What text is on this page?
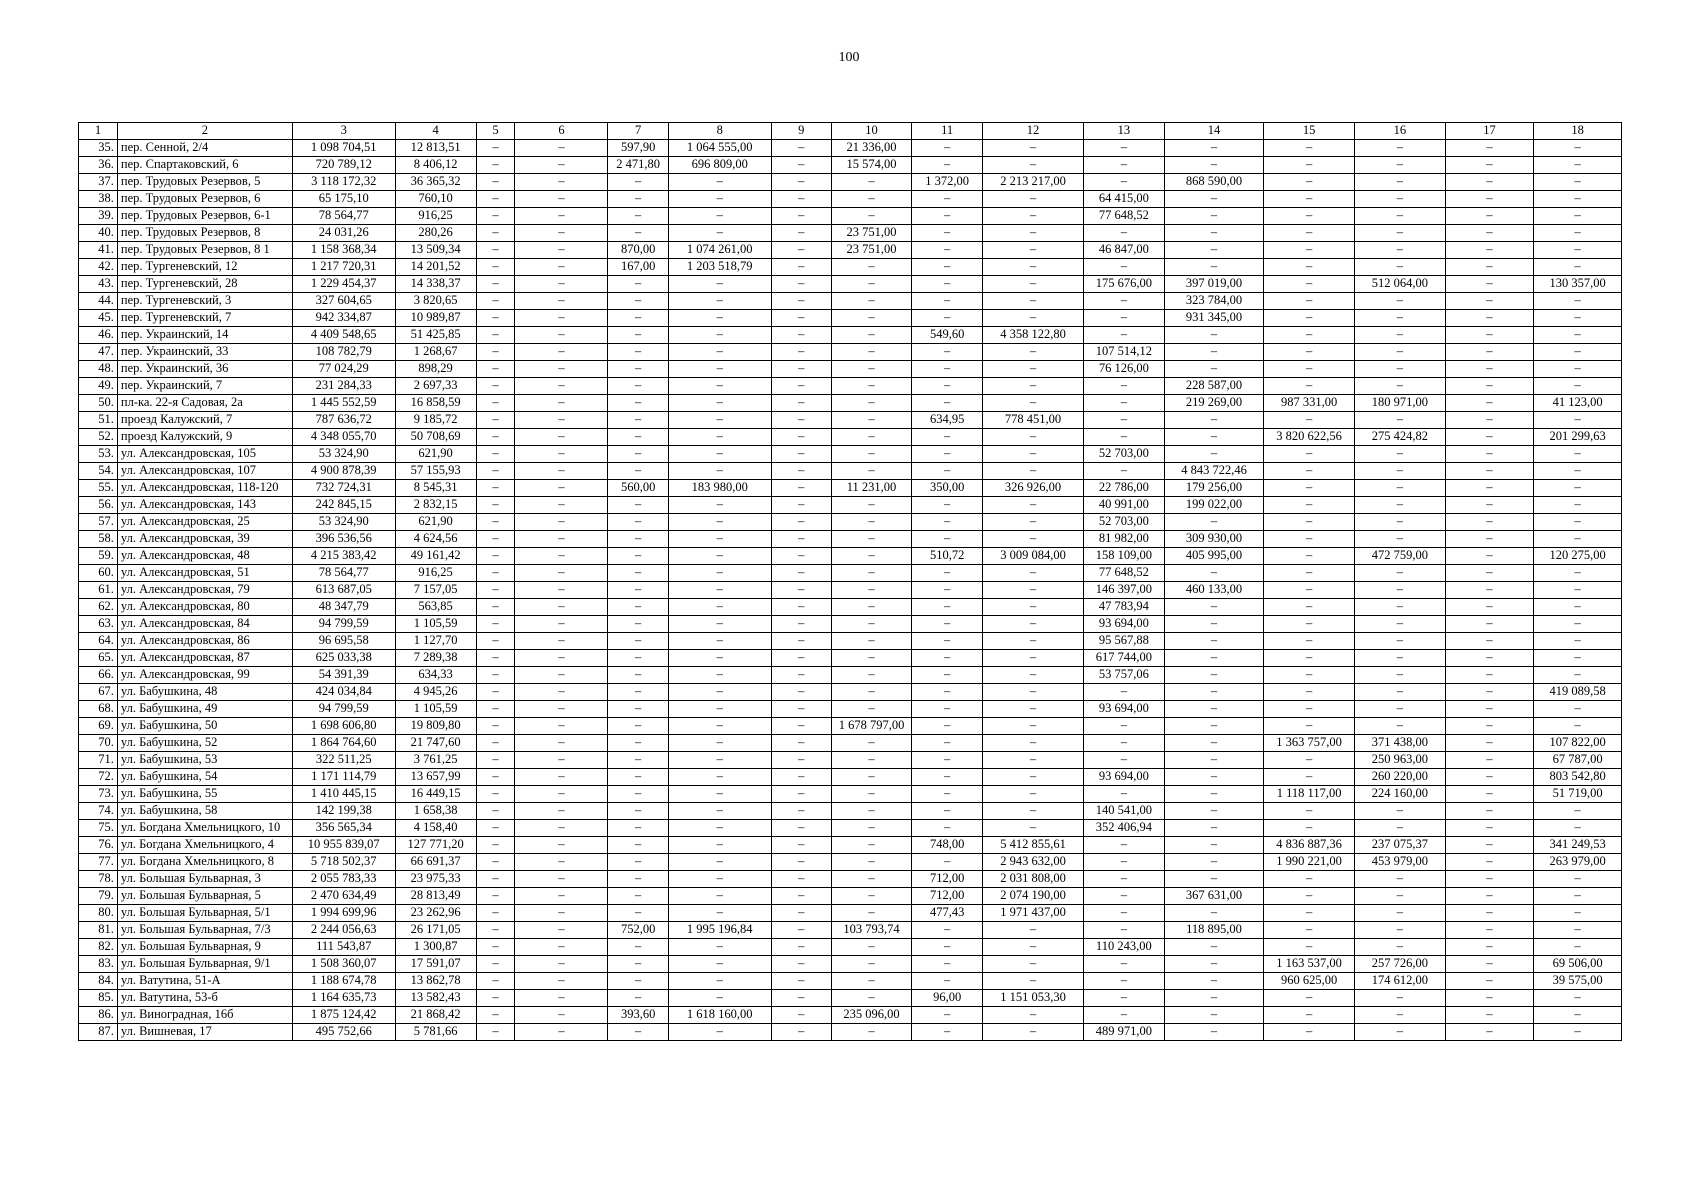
100
1	2	3	4	5	6	7	8	9	10	11	12	13	14	15	16	17	18
35.	пер. Сенной, 2/4	1 098 704,51	12 813,51	–	–	597,90	1 064 555,00	–	21 336,00	–	–	–	–	–	–	–	–
36.	пер. Спартаковский, 6	720 789,12	8 406,12	–	–	2 471,80	696 809,00	–	15 574,00	–	–	–	–	–	–	–	–
37.	пер. Трудовых Резервов, 5	3 118 172,32	36 365,32	–	–	–	–	–	–	1 372,00	2 213 217,00	–	868 590,00	–	–	–	–
38.	пер. Трудовых Резервов, 6	65 175,10	760,10	–	–	–	–	–	–	–	–	64 415,00	–	–	–	–	–
39.	пер. Трудовых Резервов, 6-1	78 564,77	916,25	–	–	–	–	–	–	–	–	77 648,52	–	–	–	–	–
40.	пер. Трудовых Резервов, 8	24 031,26	280,26	–	–	–	–	–	23 751,00	–	–	–	–	–	–	–	–
41.	пер. Трудовых Резервов, 8 1	1 158 368,34	13 509,34	–	–	870,00	1 074 261,00	–	23 751,00	–	–	46 847,00	–	–	–	–	–
42.	пер. Тургеневский, 12	1 217 720,31	14 201,52	–	–	167,00	1 203 518,79	–	–	–	–	–	–	–	–	–	–
43.	пер. Тургеневский, 28	1 229 454,37	14 338,37	–	–	–	–	–	–	–	–	175 676,00	397 019,00	–	512 064,00	–	130 357,00
44.	пер. Тургеневский, 3	327 604,65	3 820,65	–	–	–	–	–	–	–	–	–	323 784,00	–	–	–	–
45.	пер. Тургеневский, 7	942 334,87	10 989,87	–	–	–	–	–	–	–	–	–	931 345,00	–	–	–	–
46.	пер. Украинский, 14	4 409 548,65	51 425,85	–	–	–	–	–	–	549,60	4 358 122,80	–	–	–	–	–	–
47.	пер. Украинский, 33	108 782,79	1 268,67	–	–	–	–	–	–	–	–	107 514,12	–	–	–	–	–
48.	пер. Украинский, 36	77 024,29	898,29	–	–	–	–	–	–	–	–	76 126,00	–	–	–	–	–
49.	пер. Украинский, 7	231 284,33	2 697,33	–	–	–	–	–	–	–	–	–	228 587,00	–	–	–	–
50.	пл-ка. 22-я Садовая, 2а	1 445 552,59	16 858,59	–	–	–	–	–	–	–	–	–	219 269,00	987 331,00	180 971,00	–	41 123,00
51.	проезд Калужский, 7	787 636,72	9 185,72	–	–	–	–	–	–	634,95	778 451,00	–	–	–	–	–	–
52.	проезд Калужский, 9	4 348 055,70	50 708,69	–	–	–	–	–	–	–	–	–	–	3 820 622,56	275 424,82	–	201 299,63
53.	ул. Александровская, 105	53 324,90	621,90	–	–	–	–	–	–	–	–	52 703,00	–	–	–	–	–
54.	ул. Александровская, 107	4 900 878,39	57 155,93	–	–	–	–	–	–	–	–	–	4 843 722,46	–	–	–	–
55.	ул. Александровская, 118-120	732 724,31	8 545,31	–	–	560,00	183 980,00	–	11 231,00	350,00	326 926,00	22 786,00	179 256,00	–	–	–	–
56.	ул. Александровская, 143	242 845,15	2 832,15	–	–	–	–	–	–	–	–	40 991,00	199 022,00	–	–	–	–
57.	ул. Александровская, 25	53 324,90	621,90	–	–	–	–	–	–	–	–	52 703,00	–	–	–	–	–
58.	ул. Александровская, 39	396 536,56	4 624,56	–	–	–	–	–	–	–	–	81 982,00	309 930,00	–	–	–	–
59.	ул. Александровская, 48	4 215 383,42	49 161,42	–	–	–	–	–	–	510,72	3 009 084,00	158 109,00	405 995,00	–	472 759,00	–	120 275,00
60.	ул. Александровская, 51	78 564,77	916,25	–	–	–	–	–	–	–	–	77 648,52	–	–	–	–	–
61.	ул. Александровская, 79	613 687,05	7 157,05	–	–	–	–	–	–	–	–	146 397,00	460 133,00	–	–	–	–
62.	ул. Александровская, 80	48 347,79	563,85	–	–	–	–	–	–	–	–	47 783,94	–	–	–	–	–
63.	ул. Александровская, 84	94 799,59	1 105,59	–	–	–	–	–	–	–	–	93 694,00	–	–	–	–	–
64.	ул. Александровская, 86	96 695,58	1 127,70	–	–	–	–	–	–	–	–	95 567,88	–	–	–	–	–
65.	ул. Александровская, 87	625 033,38	7 289,38	–	–	–	–	–	–	–	–	617 744,00	–	–	–	–	–
66.	ул. Александровская, 99	54 391,39	634,33	–	–	–	–	–	–	–	–	53 757,06	–	–	–	–	–
67.	ул. Бабушкина, 48	424 034,84	4 945,26	–	–	–	–	–	–	–	–	–	–	–	–	–	419 089,58
68.	ул. Бабушкина, 49	94 799,59	1 105,59	–	–	–	–	–	–	–	–	93 694,00	–	–	–	–	–
69.	ул. Бабушкина, 50	1 698 606,80	19 809,80	–	–	–	–	–	1 678 797,00	–	–	–	–	–	–	–	–
70.	ул. Бабушкина, 52	1 864 764,60	21 747,60	–	–	–	–	–	–	–	–	–	–	1 363 757,00	371 438,00	–	107 822,00
71.	ул. Бабушкина, 53	322 511,25	3 761,25	–	–	–	–	–	–	–	–	–	–	–	250 963,00	–	67 787,00
72.	ул. Бабушкина, 54	1 171 114,79	13 657,99	–	–	–	–	–	–	–	–	93 694,00	–	–	260 220,00	–	803 542,80
73.	ул. Бабушкина, 55	1 410 445,15	16 449,15	–	–	–	–	–	–	–	–	–	–	1 118 117,00	224 160,00	–	51 719,00
74.	ул. Бабушкина, 58	142 199,38	1 658,38	–	–	–	–	–	–	–	–	140 541,00	–	–	–	–	–
75.	ул. Богдана Хмельницкого, 10	356 565,34	4 158,40	–	–	–	–	–	–	–	–	352 406,94	–	–	–	–	–
76.	ул. Богдана Хмельницкого, 4	10 955 839,07	127 771,20	–	–	–	–	–	–	748,00	5 412 855,61	–	–	4 836 887,36	237 075,37	–	341 249,53
77.	ул. Богдана Хмельницкого, 8	5 718 502,37	66 691,37	–	–	–	–	–	–	–	2 943 632,00	–	–	1 990 221,00	453 979,00	–	263 979,00
78.	ул. Большая Бульварная, 3	2 055 783,33	23 975,33	–	–	–	–	–	–	712,00	2 031 808,00	–	–	–	–	–	–
79.	ул. Большая Бульварная, 5	2 470 634,49	28 813,49	–	–	–	–	–	–	712,00	2 074 190,00	–	367 631,00	–	–	–	–
80.	ул. Большая Бульварная, 5/1	1 994 699,96	23 262,96	–	–	–	–	–	–	477,43	1 971 437,00	–	–	–	–	–	–
81.	ул. Большая Бульварная, 7/3	2 244 056,63	26 171,05	–	–	752,00	1 995 196,84	–	103 793,74	–	–	–	118 895,00	–	–	–	–
82.	ул. Большая Бульварная, 9	111 543,87	1 300,87	–	–	–	–	–	–	–	–	110 243,00	–	–	–	–	–
83.	ул. Большая Бульварная, 9/1	1 508 360,07	17 591,07	–	–	–	–	–	–	–	–	–	–	1 163 537,00	257 726,00	–	69 506,00
84.	ул. Ватутина, 51-А	1 188 674,78	13 862,78	–	–	–	–	–	–	–	–	–	–	960 625,00	174 612,00	–	39 575,00
85.	ул. Ватутина, 53-б	1 164 635,73	13 582,43	–	–	–	–	–	–	96,00	1 151 053,30	–	–	–	–	–	–
86.	ул. Виноградная, 16б	1 875 124,42	21 868,42	–	–	393,60	1 618 160,00	–	235 096,00	–	–	–	–	–	–	–	–
87.	ул. Вишневая, 17	495 752,66	5 781,66	–	–	–	–	–	–	–	–	489 971,00	–	–	–	–	–
